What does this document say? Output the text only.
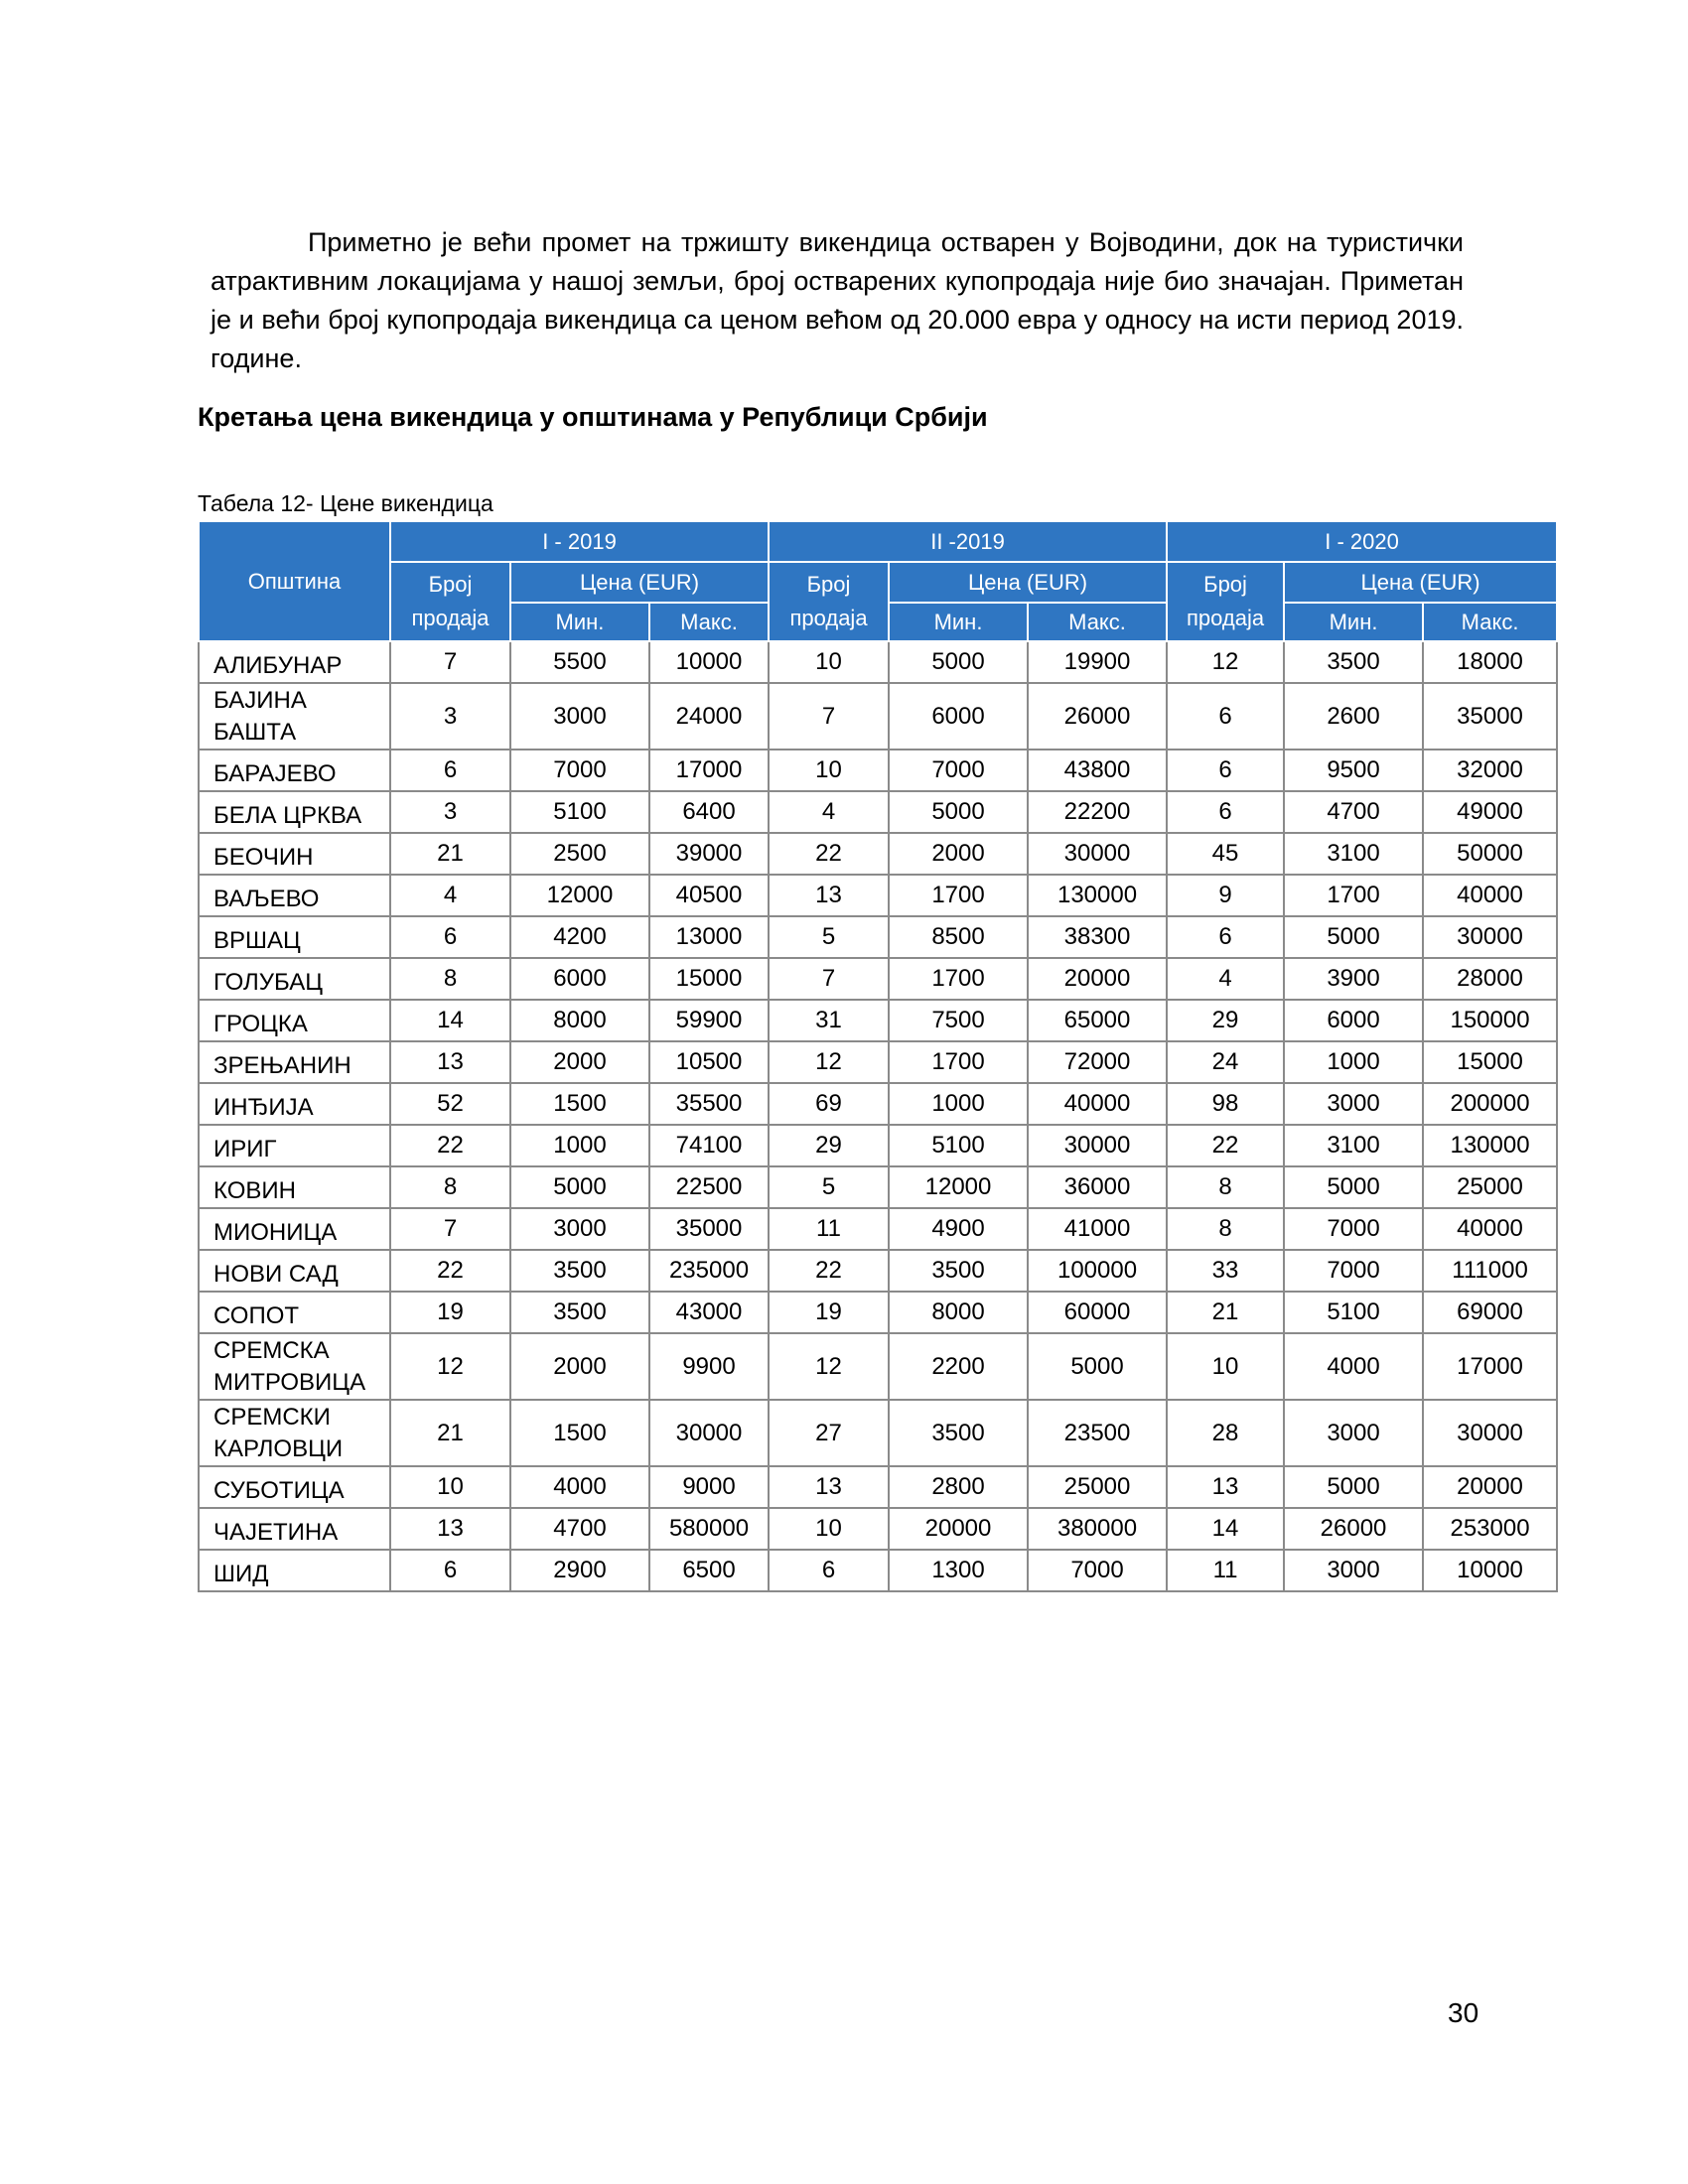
Приметно је већи промет на тржишту викендица остварен у Војводини, док на туристички атрактивним локацијама у нашој земљи, број остварених купопродаја није био значајан. Приметан је и већи број купопродаја викендица са ценом већом од 20.000 евра у односу на исти период 2019. године.

Кретања цена викендица у општинама у Републици Србији
Табела 12- Цене викендица
Општина	I - 2019			II -2019			I - 2020		
	Број продаја	Цена (EUR)		Број продаја	Цена (EUR)		Број продаја	Цена (EUR)	
		Мин.	Макс.		Мин.	Макс.		Мин.	Макс.
АЛИБУНАР	7	5500	10000	10	5000	19900	12	3500	18000
БАЈИНА БАШТА	3	3000	24000	7	6000	26000	6	2600	35000
БАРАЈЕВО	6	7000	17000	10	7000	43800	6	9500	32000
БЕЛА ЦРКВА	3	5100	6400	4	5000	22200	6	4700	49000
БЕОЧИН	21	2500	39000	22	2000	30000	45	3100	50000
ВАЉЕВО	4	12000	40500	13	1700	130000	9	1700	40000
ВРШАЦ	6	4200	13000	5	8500	38300	6	5000	30000
ГОЛУБАЦ	8	6000	15000	7	1700	20000	4	3900	28000
ГРОЦКА	14	8000	59900	31	7500	65000	29	6000	150000
ЗРЕЊАНИН	13	2000	10500	12	1700	72000	24	1000	15000
ИНЂИЈА	52	1500	35500	69	1000	40000	98	3000	200000
ИРИГ	22	1000	74100	29	5100	30000	22	3100	130000
КОВИН	8	5000	22500	5	12000	36000	8	5000	25000
МИОНИЦА	7	3000	35000	11	4900	41000	8	7000	40000
НОВИ САД	22	3500	235000	22	3500	100000	33	7000	111000
СОПОТ	19	3500	43000	19	8000	60000	21	5100	69000
СРЕМСКА МИТРОВИЦА	12	2000	9900	12	2200	5000	10	4000	17000
СРЕМСКИ КАРЛОВЦИ	21	1500	30000	27	3500	23500	28	3000	30000
СУБОТИЦА	10	4000	9000	13	2800	25000	13	5000	20000
ЧАЈЕТИНА	13	4700	580000	10	20000	380000	14	26000	253000
ШИД	6	2900	6500	6	1300	7000	11	3000	10000
30
